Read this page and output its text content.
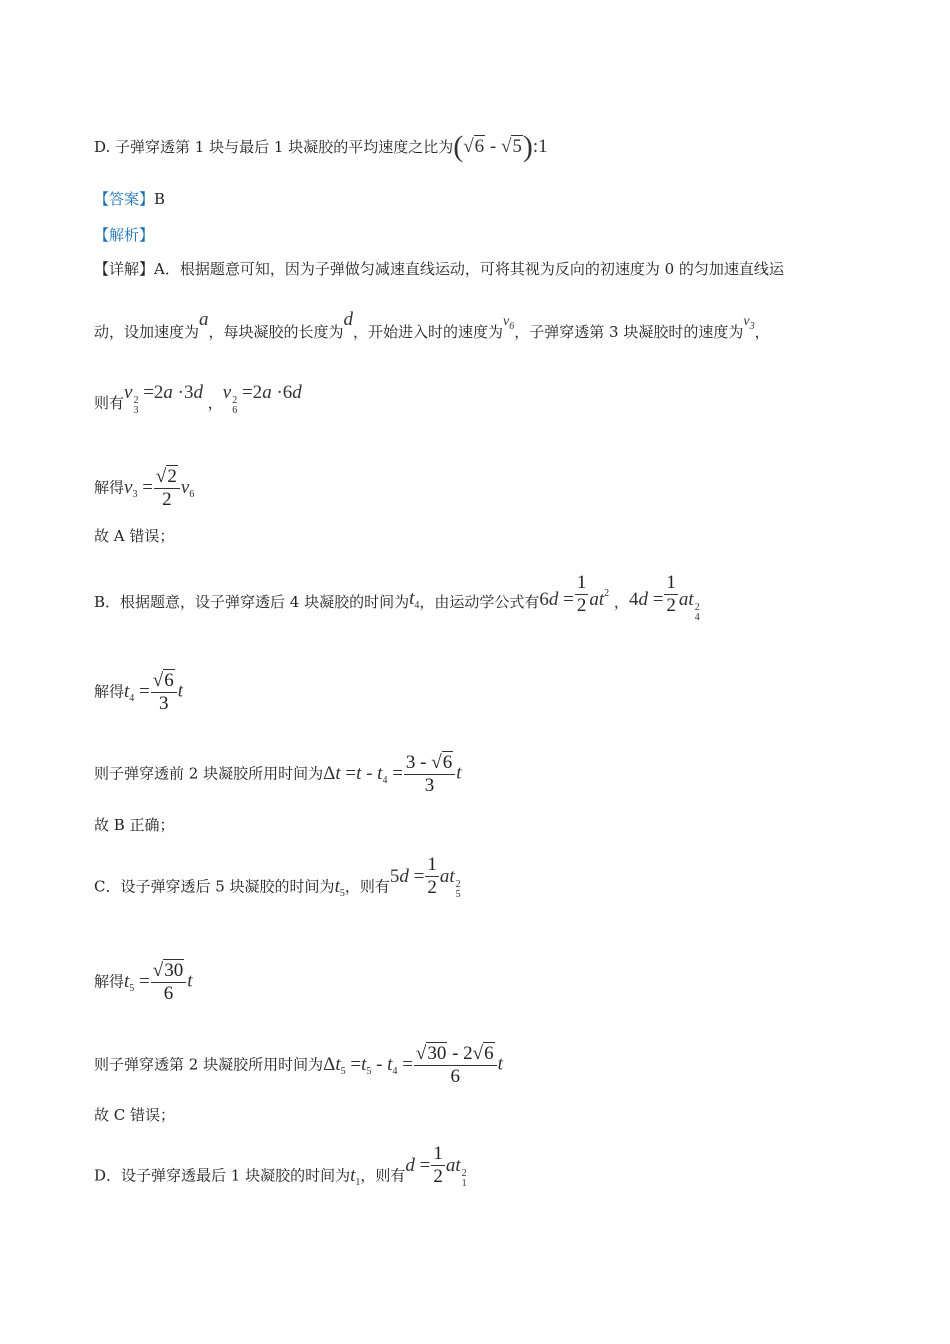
D. 子弹穿透第 1 块与最后 1 块凝胶的平均速度之比为(√6 - √5):1
【答案】B
【解析】
【详解】A．根据题意可知，因为子弹做匀减速直线运动，可将其视为反向的初速度为 0 的匀加速直线运
动，设加速度为a，每块凝胶的长度为d，开始进入时的速度为$v_6$，子弹穿透第 3 块凝胶时的速度为$v_3$，
则有v 2
3
=2a ·3d ，v 2
6
=2a ·6d
解得$v_3 = \frac{√2}{2} v_6$
故 A 错误；
B．根据题意，设子弹穿透后 4 块凝胶的时间为$t_4$，由运动学公式有$6d = \frac{1}{2} at^2$ ，$4d = \frac{1}{2}$ at 2
4
解得$t_4 = \frac{√6}{3}$ t
则子弹穿透前 2 块凝胶所用时间为$\Delta t =t - t_4 = \frac{3 - √6}{3}$ t
故 B 正确；
C．设子弹穿透后 5 块凝胶的时间为$t_5$，则有$5d = \frac{1}{2}$ at 2
5
解得$t_5 = \frac{√30}{6}$ t
则子弹穿透第 2 块凝胶所用时间为$\Delta t_5 =t_5 - t_4 = \frac{√30 - 2√6}{6}$ t
故 C 错误；
D．设子弹穿透最后 1 块凝胶的时间为$t_1$，则有$d = \frac{1}{2}$ at 2
1
